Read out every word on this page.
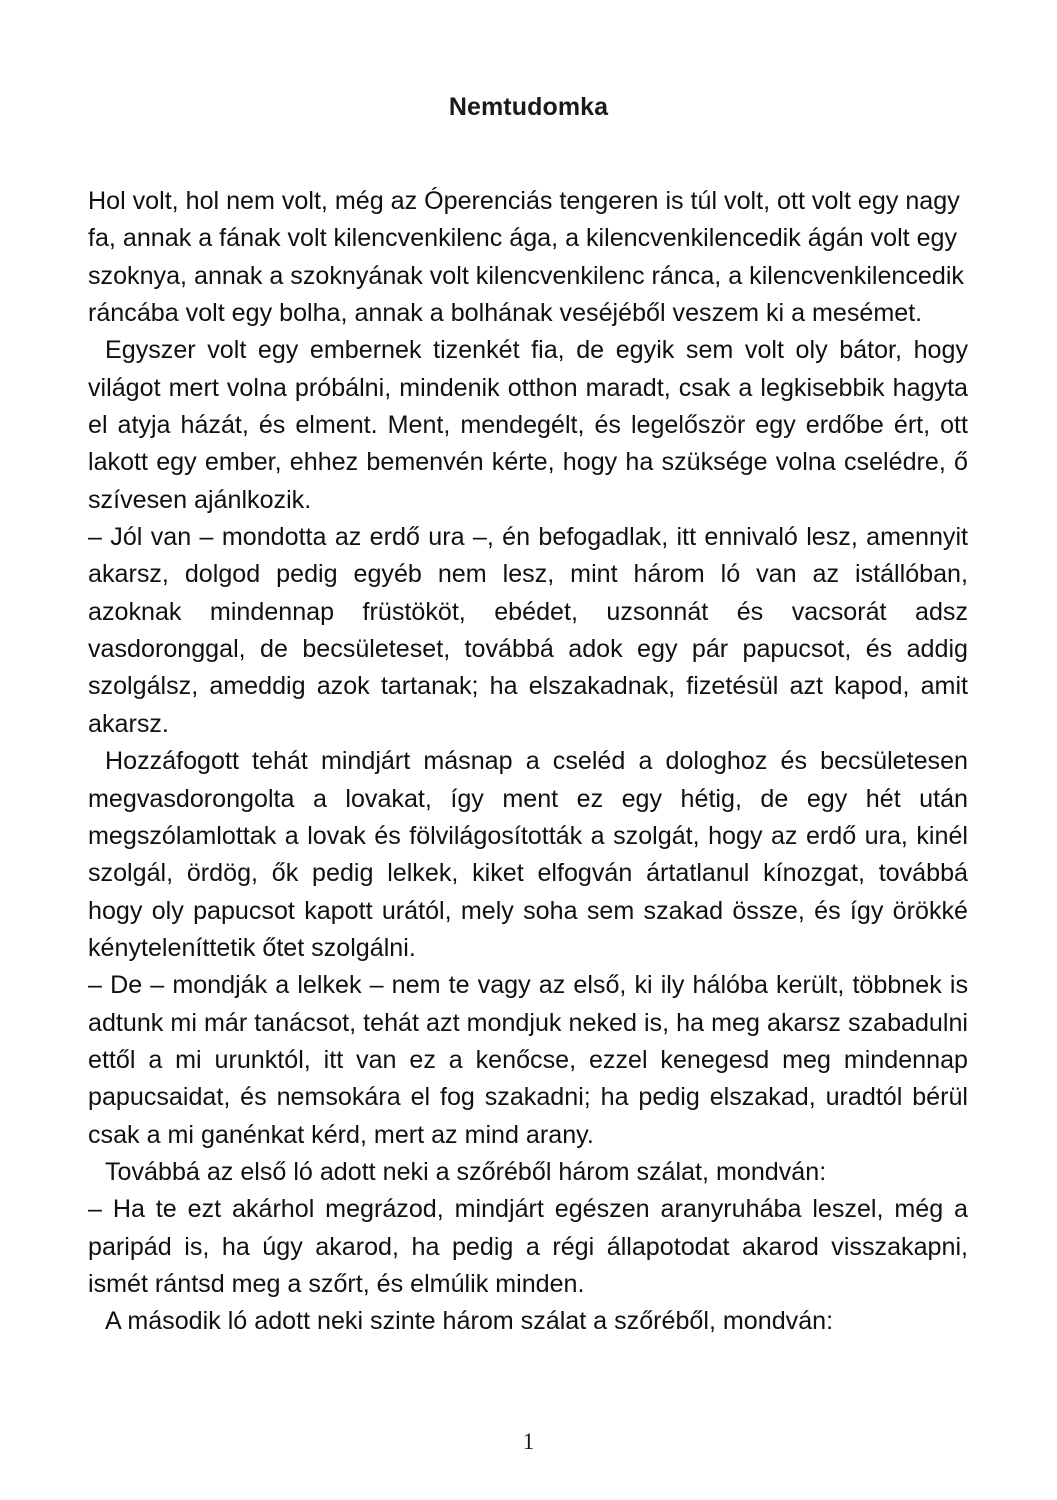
Nemtudomka

Hol volt, hol nem volt, még az Óperenciás tengeren is túl volt, ott volt egy nagy fa, annak a fának volt kilencvenkilenc ága, a kilencvenkilencedik ágán volt egy szoknya, annak a szoknyának volt kilencvenkilenc ránca, a kilencvenkilencedik ráncába volt egy bolha, annak a bolhának veséjéből veszem ki a mesémet.

Egyszer volt egy embernek tizenkét fia, de egyik sem volt oly bátor, hogy világot mert volna próbálni, mindenik otthon maradt, csak a legkisebbik hagyta el atyja házát, és elment. Ment, mendegélt, és legelőször egy erdőbe ért, ott lakott egy ember, ehhez bemenvén kérte, hogy ha szüksége volna cselédre, ő szívesen ajánlkozik.

– Jól van – mondotta az erdő ura –, én befogadlak, itt ennivaló lesz, amennyit akarsz, dolgod pedig egyéb nem lesz, mint három ló van az istállóban, azoknak mindennap früstököt, ebédet, uzsonnát és vacsorát adsz vasdoronggal, de becsületeset, továbbá adok egy pár papucsot, és addig szolgálsz, ameddig azok tartanak; ha elszakadnak, fizetésül azt kapod, amit akarsz.

Hozzáfogott tehát mindjárt másnap a cseléd a dologhoz és becsületesen megvasdorongolta a lovakat, így ment ez egy hétig, de egy hét után megszólamlottak a lovak és fölvilágosították a szolgát, hogy az erdő ura, kinél szolgál, ördög, ők pedig lelkek, kiket elfogván ártatlanul kínozgat, továbbá hogy oly papucsot kapott urától, mely soha sem szakad össze, és így örökké kényteleníttetik őtet szolgálni.

– De – mondják a lelkek – nem te vagy az első, ki ily hálóba került, többnek is adtunk mi már tanácsot, tehát azt mondjuk neked is, ha meg akarsz szabadulni ettől a mi urunktól, itt van ez a kenőcse, ezzel kenegesd meg mindennap papucsaidat, és nemsokára el fog szakadni; ha pedig elszakad, uradtól bérül csak a mi ganénkat kérd, mert az mind arany.

Továbbá az első ló adott neki a szőréből három szálat, mondván:

– Ha te ezt akárhol megrázod, mindjárt egészen aranyruhába leszel, még a paripád is, ha úgy akarod, ha pedig a régi állapotodat akarod visszakapni, ismét rántsd meg a szőrt, és elmúlik minden.

A második ló adott neki szinte három szálat a szőréből, mondván:

1
